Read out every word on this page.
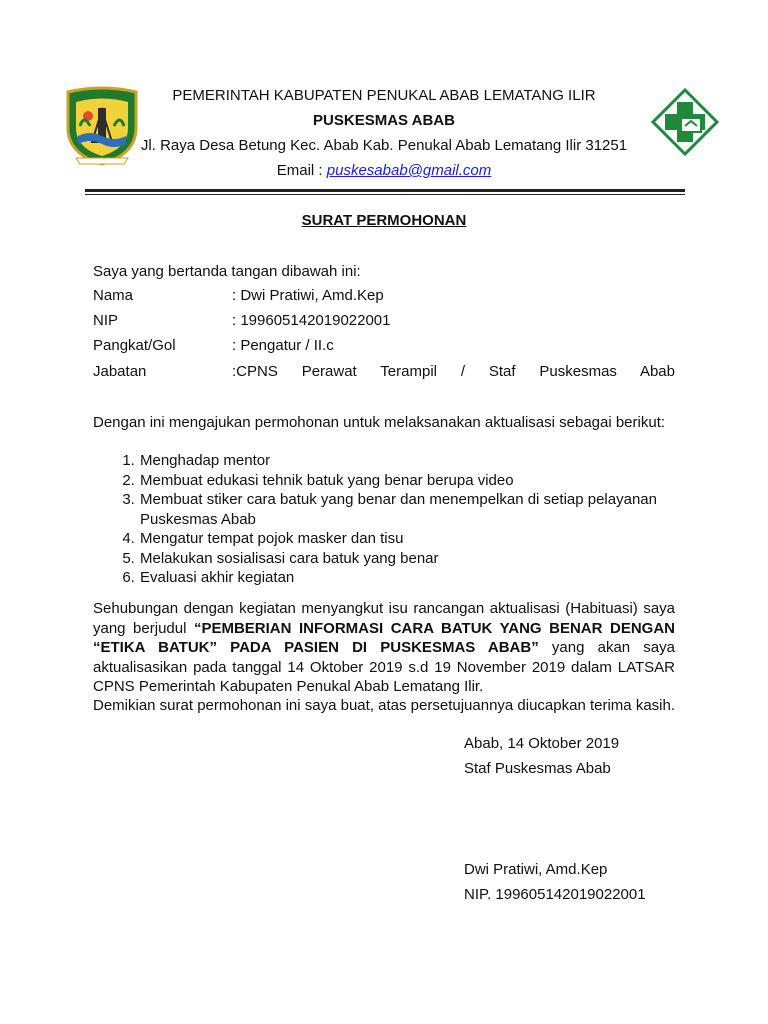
PEMERINTAH KABUPATEN PENUKAL ABAB LEMATANG ILIR
PUSKESMAS ABAB
Jl. Raya Desa Betung Kec. Abab Kab. Penukal Abab Lematang Ilir 31251
Email : puskesabab@gmail.com
SURAT PERMOHONAN
Saya yang bertanda tangan dibawah ini:
Nama	: Dwi Pratiwi, Amd.Kep
NIP	: 199605142019022001
Pangkat/Gol	: Pengatur / II.c
Jabatan	:CPNS Perawat Terampil / Staf Puskesmas Abab
Dengan ini mengajukan permohonan untuk melaksanakan aktualisasi sebagai berikut:
1. Menghadap mentor
2. Membuat edukasi tehnik batuk yang benar berupa video
3. Membuat stiker cara batuk yang benar dan menempelkan di setiap pelayanan Puskesmas Abab
4. Mengatur tempat pojok masker dan tisu
5. Melakukan sosialisasi cara batuk yang benar
6. Evaluasi akhir kegiatan
Sehubungan dengan kegiatan menyangkut isu rancangan aktualisasi (Habituasi) saya yang berjudul “PEMBERIAN INFORMASI CARA BATUK YANG BENAR DENGAN “ETIKA BATUK” PADA PASIEN DI PUSKESMAS ABAB” yang akan saya aktualisasikan pada tanggal 14 Oktober 2019 s.d 19 November 2019 dalam LATSAR CPNS Pemerintah Kabupaten Penukal Abab Lematang Ilir.
Demikian surat permohonan ini saya buat, atas persetujuannya diucapkan terima kasih.
Abab, 14 Oktober 2019
Staf Puskesmas Abab
Dwi Pratiwi, Amd.Kep
NIP. 199605142019022001
